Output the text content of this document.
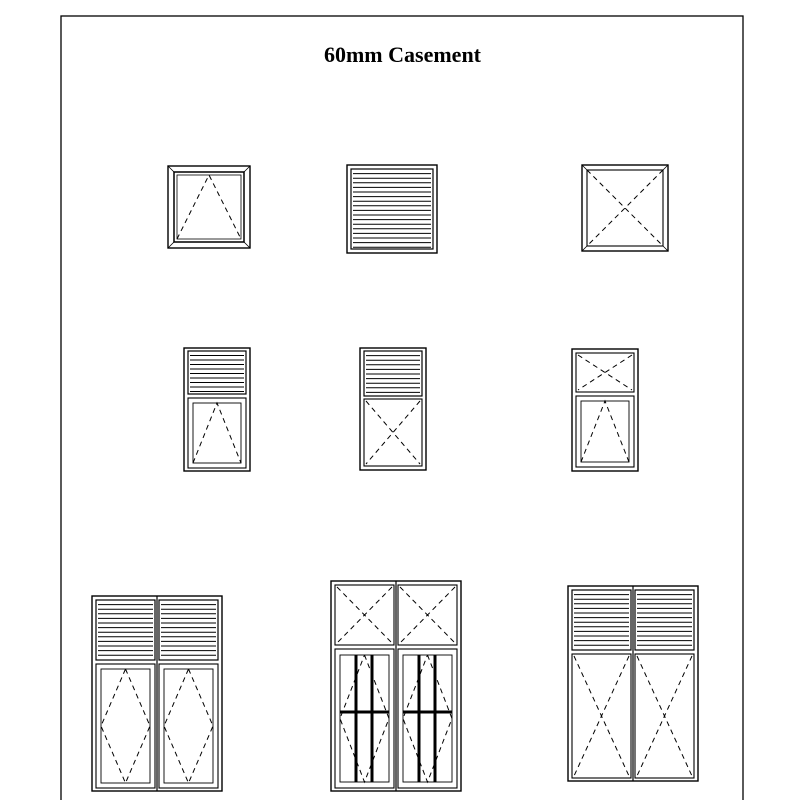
60mm Casement
